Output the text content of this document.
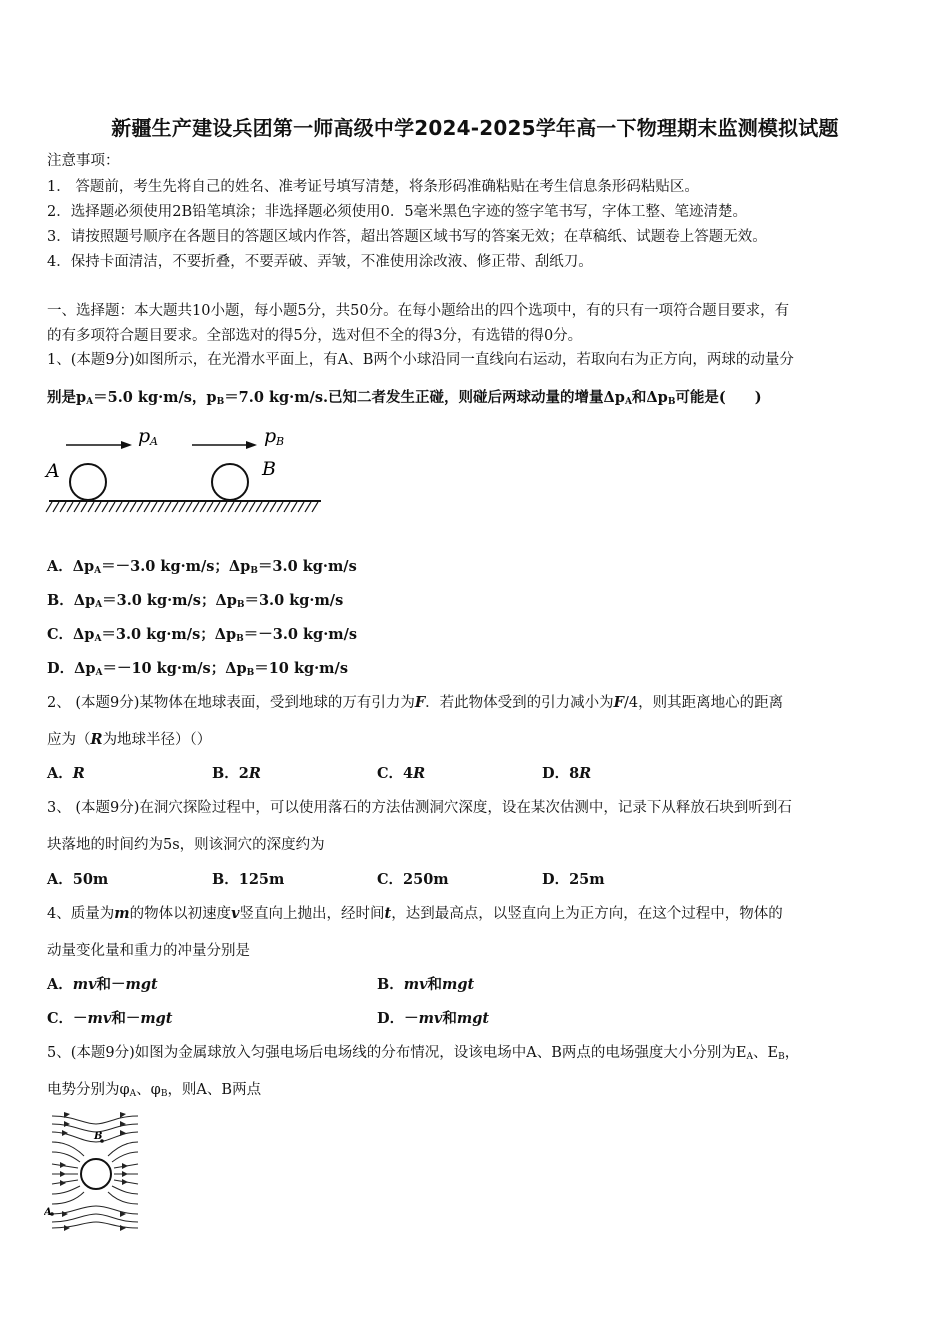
新疆生产建设兵团第一师高级中学2024-2025学年高一下物理期末监测模拟试题
注意事项：
1． 答题前，考生先将自己的姓名、准考证号填写清楚，将条形码准确粘贴在考生信息条形码粘贴区。
2．选择题必须使用2B铅笔填涂；非选择题必须使用0．5毫米黑色字迹的签字笔书写，字体工整、笔迹清楚。
3．请按照题号顺序在各题目的答题区域内作答，超出答题区域书写的答案无效；在草稿纸、试题卷上答题无效。
4．保持卡面清洁，不要折叠，不要弄破、弄皱，不准使用涂改液、修正带、刮纸刀。
一、选择题：本大题共10小题，每小题5分，共50分。在每小题给出的四个选项中，有的只有一项符合题目要求，有
的有多项符合题目要求。全部选对的得5分，选对但不全的得3分，有选错的得0分。
1、(本题9分)如图所示，在光滑水平面上，有A、B两个小球沿同一直线向右运动，若取向右为正方向，两球的动量分
别是$p_A=5.0$ kg·m/s，$p_B=7.0$ kg·m/s.已知二者发生正碰，则碰后两球动量的增量$\Delta p_A$和$\Delta p_B$可能是(　　)
p A	p B
A	B
A．$\Delta p_A=-3.0$ kg·m/s；$\Delta p_B=3.0$ kg·m/s
B．$\Delta p_A=3.0$ kg·m/s；$\Delta p_B=3.0$ kg·m/s
C．$\Delta p_A=3.0$ kg·m/s；$\Delta p_B=-3.0$ kg·m/s
D．$\Delta p_A=-10$ kg·m/s；$\Delta p_B=10$ kg·m/s
2、 (本题9分)某物体在地球表面，受到地球的万有引力为F．若此物体受到的引力减小为F/4，则其距离地心的距离
应为（R为地球半径）（）
A．R	B．2R	C．4R	D．8R
3、 (本题9分)在洞穴探险过程中，可以使用落石的方法估测洞穴深度，设在某次估测中，记录下从释放石块到听到石
块落地的时间约为5s，则该洞穴的深度约为
A．50m	B．125m	C．250m	D．25m
4、质量为m的物体以初速度v竖直向上抛出，经时间t，达到最高点，以竖直向上为正方向，在这个过程中，物体的
动量变化量和重力的冲量分别是
A．mv和－mgt	B．mv和mgt
C．－mv和－mgt	D．－mv和mgt
5、(本题9分)如图为金属球放入匀强电场后电场线的分布情况，设该电场中A、B两点的电场强度大小分别为$E_A$、$E_B$，
电势分别为$\varphi_A$、$\varphi_B$，则A、B两点
B
A
